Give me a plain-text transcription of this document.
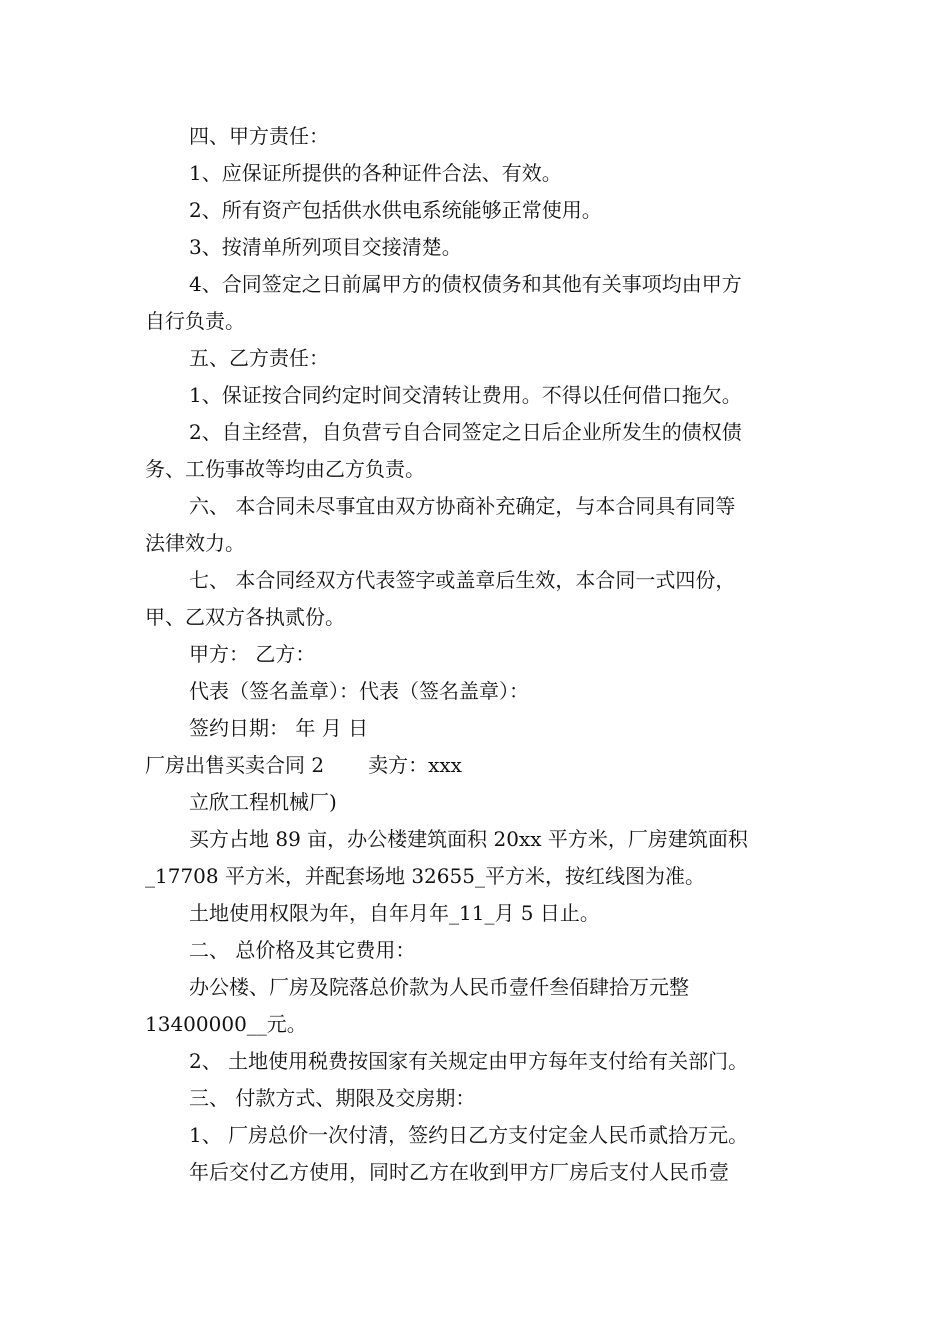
四、甲方责任：
1、应保证所提供的各种证件合法、有效。
2、所有资产包括供水供电系统能够正常使用。
3、按清单所列项目交接清楚。
4、合同签定之日前属甲方的债权债务和其他有关事项均由甲方
自行负责。
五、乙方责任：
1、保证按合同约定时间交清转让费用。不得以任何借口拖欠。
2、自主经营，自负营亏自合同签定之日后企业所发生的债权债
务、工伤事故等均由乙方负责。
六、 本合同未尽事宜由双方协商补充确定，与本合同具有同等
法律效力。
七、 本合同经双方代表签字或盖章后生效，本合同一式四份，
甲、乙双方各执贰份。
甲方： 乙方：
代表（签名盖章）：代表（签名盖章）：
签约日期： 年 月 日
厂房出售买卖合同 2 卖方：xxx
立欣工程机械厂)
买方占地 89 亩，办公楼建筑面积 20xx 平方米，厂房建筑面积
_17708 平方米，并配套场地 32655_平方米，按红线图为准。
土地使用权限为年，自年月年_11_月 5 日止。
二、 总价格及其它费用：
办公楼、厂房及院落总价款为人民币壹仟叁佰肆拾万元整
13400000__元。
2、 土地使用税费按国家有关规定由甲方每年支付给有关部门。
三、 付款方式、期限及交房期：
1、 厂房总价一次付清，签约日乙方支付定金人民币贰拾万元。
年后交付乙方使用，同时乙方在收到甲方厂房后支付人民币壹
